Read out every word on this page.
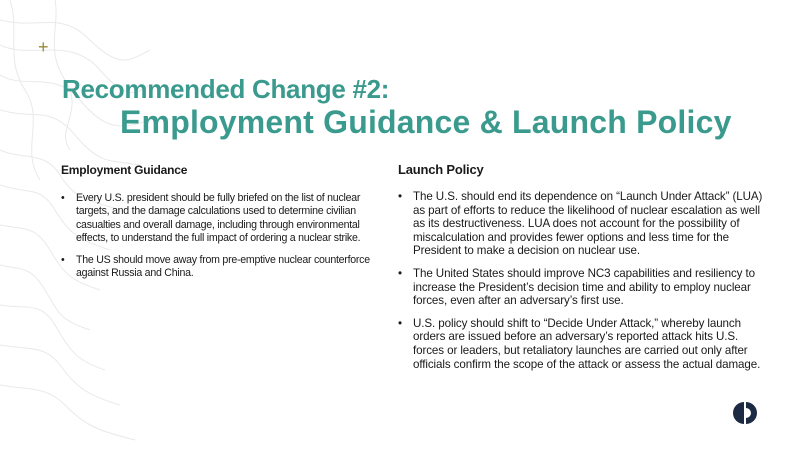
+
Recommended Change #2:
Employment Guidance & Launch Policy
Employment Guidance
• Every U.S. president should be fully briefed on the list of nuclear targets, and the damage calculations used to determine civilian casualties and overall damage, including through environmental effects, to understand the full impact of ordering a nuclear strike.
• The US should move away from pre-emptive nuclear counterforce against Russia and China.
Launch Policy
• The U.S. should end its dependence on “Launch Under Attack” (LUA) as part of efforts to reduce the likelihood of nuclear escalation as well as its destructiveness. LUA does not account for the possibility of miscalculation and provides fewer options and less time for the President to make a decision on nuclear use.
• The United States should improve NC3 capabilities and resiliency to increase the President’s decision time and ability to employ nuclear forces, even after an adversary’s first use.
• U.S. policy should shift to “Decide Under Attack,” whereby launch orders are issued before an adversary’s reported attack hits U.S. forces or leaders, but retaliatory launches are carried out only after officials confirm the scope of the attack or assess the actual damage.
